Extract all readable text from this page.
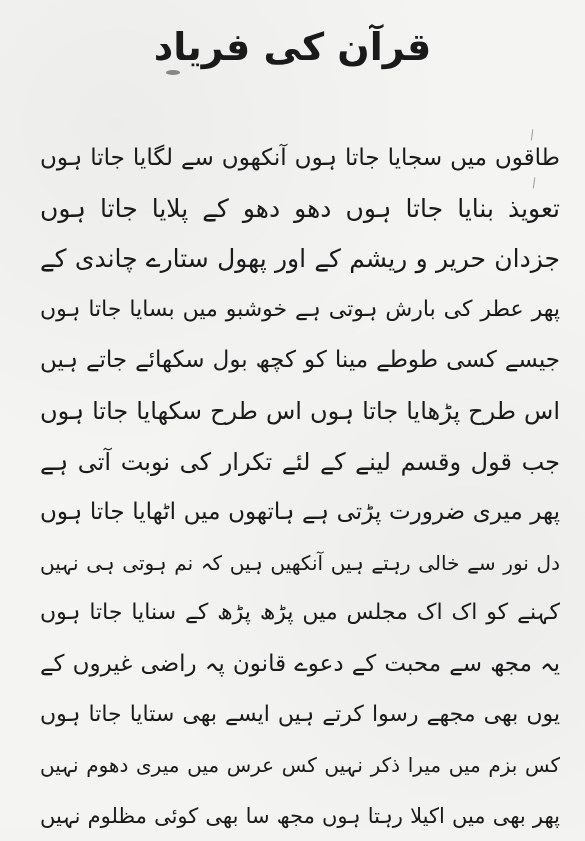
قرآن کی فریاد
/
/
طاقوں میں سجایا جاتا ہوں آنکھوں سے لگایا جاتا ہوں
تعویذ بنایا جاتا ہوں دھو دھو کے پلایا جاتا ہوں
جزدان حریر و ریشم کے اور پھول ستارے چاندی کے
پھر عطر کی بارش ہوتی ہے خوشبو میں بسایا جاتا ہوں
جیسے کسی طوطے مینا کو کچھ بول سکھائے جاتے ہیں
اس طرح پڑھایا جاتا ہوں اس طرح سکھایا جاتا ہوں
جب قول وقسم لینے کے لئے تکرار کی نوبت آتی ہے
پھر میری ضرورت پڑتی ہے ہاتھوں میں اٹھایا جاتا ہوں
دل نور سے خالی رہتے ہیں آنکھیں ہیں کہ نم ہوتی ہی نہیں
کہنے کو اک اک مجلس میں پڑھ پڑھ کے سنایا جاتا ہوں
یہ مجھ سے محبت کے دعوے قانون پہ راضی غیروں کے
یوں بھی مجھے رسوا کرتے ہیں ایسے بھی ستایا جاتا ہوں
کس بزم میں میرا ذکر نہیں کس عرس میں میری دھوم نہیں
پھر بھی میں اکیلا رہتا ہوں مجھ سا بھی کوئی مظلوم نہیں
